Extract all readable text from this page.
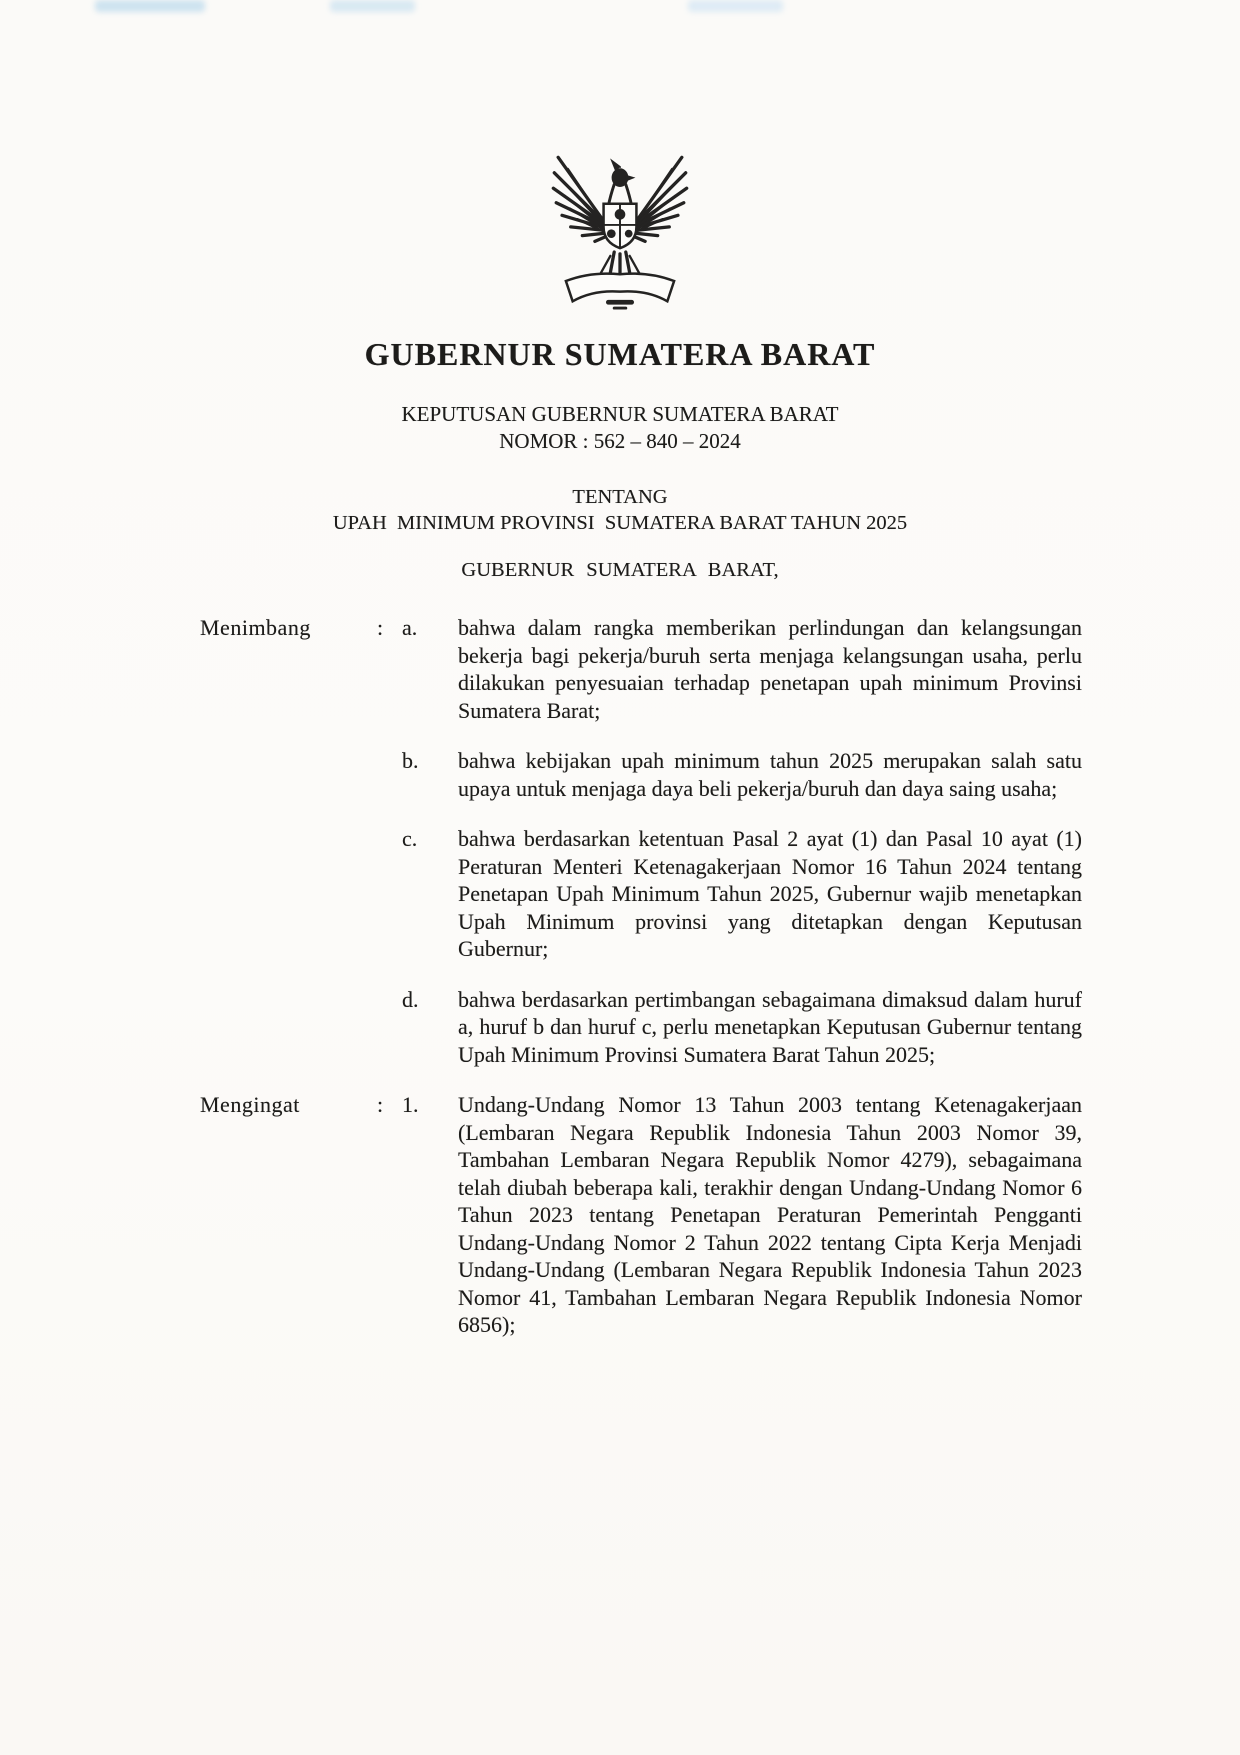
GUBERNUR SUMATERA BARAT
KEPUTUSAN GUBERNUR SUMATERA BARAT
NOMOR : 562 – 840 – 2024
TENTANG
UPAH  MINIMUM PROVINSI  SUMATERA BARAT TAHUN 2025
GUBERNUR SUMATERA BARAT,
Menimbang	: a.	bahwa dalam rangka memberikan perlindungan dan kelangsungan bekerja bagi pekerja/buruh serta menjaga kelangsungan usaha, perlu dilakukan penyesuaian terhadap penetapan upah minimum Provinsi Sumatera Barat;
b.	bahwa kebijakan upah minimum tahun 2025 merupakan salah satu upaya untuk menjaga daya beli pekerja/buruh dan daya saing usaha;
c.	bahwa berdasarkan ketentuan Pasal 2 ayat (1) dan Pasal 10 ayat (1) Peraturan Menteri Ketenagakerjaan Nomor 16 Tahun 2024 tentang Penetapan Upah Minimum Tahun 2025, Gubernur wajib menetapkan Upah Minimum provinsi yang ditetapkan dengan Keputusan Gubernur;
d.	bahwa berdasarkan pertimbangan sebagaimana dimaksud dalam huruf a, huruf b dan huruf c, perlu menetapkan Keputusan Gubernur tentang Upah Minimum Provinsi Sumatera Barat Tahun 2025;
Mengingat	: 1.	Undang-Undang Nomor 13 Tahun 2003 tentang Ketenagakerjaan (Lembaran Negara Republik Indonesia Tahun 2003 Nomor 39, Tambahan Lembaran Negara Republik Nomor 4279), sebagaimana telah diubah beberapa kali, terakhir dengan Undang-Undang Nomor 6 Tahun 2023 tentang Penetapan Peraturan Pemerintah Pengganti Undang-Undang Nomor 2 Tahun 2022 tentang Cipta Kerja Menjadi Undang-Undang (Lembaran Negara Republik Indonesia Tahun 2023 Nomor 41, Tambahan Lembaran Negara Republik Indonesia Nomor 6856);
